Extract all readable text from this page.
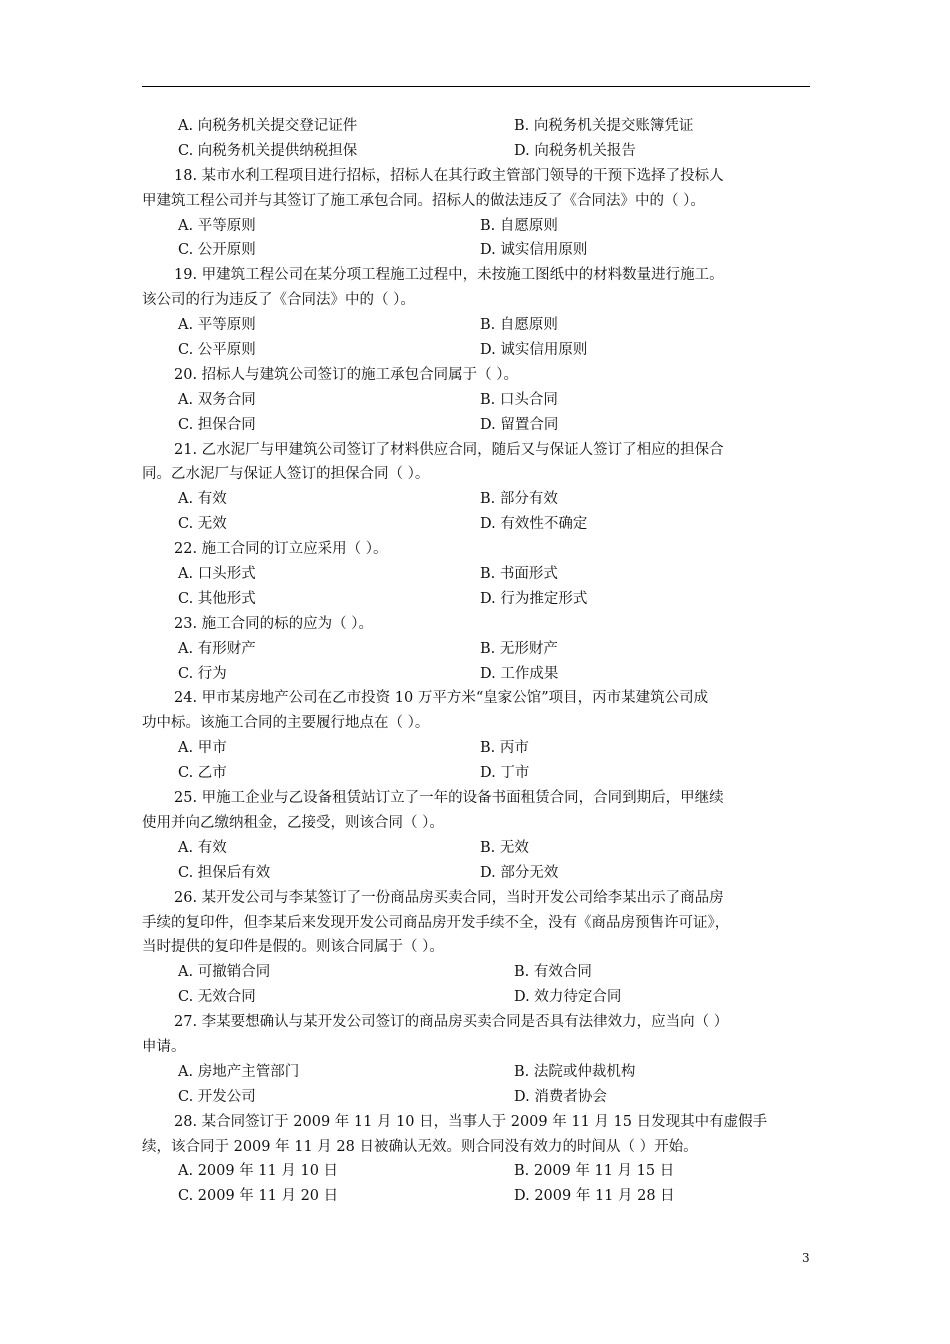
A. 向税务机关提交登记证件	B. 向税务机关提交账簿凭证
C. 向税务机关提供纳税担保	D. 向税务机关报告
18. 某市水利工程项目进行招标，招标人在其行政主管部门领导的干预下选择了投标人
甲建筑工程公司并与其签订了施工承包合同。招标人的做法违反了《合同法》中的（ ）。
A. 平等原则	B. 自愿原则
C. 公开原则	D. 诚实信用原则
19. 甲建筑工程公司在某分项工程施工过程中，未按施工图纸中的材料数量进行施工。
该公司的行为违反了《合同法》中的（ ）。
A. 平等原则	B. 自愿原则
C. 公平原则	D. 诚实信用原则
20. 招标人与建筑公司签订的施工承包合同属于（ ）。
A. 双务合同	B. 口头合同
C. 担保合同	D. 留置合同
21. 乙水泥厂与甲建筑公司签订了材料供应合同，随后又与保证人签订了相应的担保合
同。乙水泥厂与保证人签订的担保合同（ ）。
A. 有效	B. 部分有效
C. 无效	D. 有效性不确定
22. 施工合同的订立应采用（ ）。
A. 口头形式	B. 书面形式
C. 其他形式	D. 行为推定形式
23. 施工合同的标的应为（ ）。
A. 有形财产	B. 无形财产
C. 行为	D. 工作成果
24. 甲市某房地产公司在乙市投资 10 万平方米“皇家公馆”项目，丙市某建筑公司成
功中标。该施工合同的主要履行地点在（ ）。
A. 甲市	B. 丙市
C. 乙市	D. 丁市
25. 甲施工企业与乙设备租赁站订立了一年的设备书面租赁合同，合同到期后，甲继续
使用并向乙缴纳租金，乙接受，则该合同（ ）。
A. 有效	B. 无效
C. 担保后有效	D. 部分无效
26. 某开发公司与李某签订了一份商品房买卖合同，当时开发公司给李某出示了商品房
手续的复印件，但李某后来发现开发公司商品房开发手续不全，没有《商品房预售许可证》，
当时提供的复印件是假的。则该合同属于（ ）。
A. 可撤销合同	B. 有效合同
C. 无效合同	D. 效力待定合同
27. 李某要想确认与某开发公司签订的商品房买卖合同是否具有法律效力，应当向（ ）
申请。
A. 房地产主管部门	B. 法院或仲裁机构
C. 开发公司	D. 消费者协会
28. 某合同签订于 2009 年 11 月 10 日，当事人于 2009 年 11 月 15 日发现其中有虚假手
续，该合同于 2009 年 11 月 28 日被确认无效。则合同没有效力的时间从（ ）开始。
A. 2009 年 11 月 10 日	B. 2009 年 11 月 15 日
C. 2009 年 11 月 20 日	D. 2009 年 11 月 28 日
3
